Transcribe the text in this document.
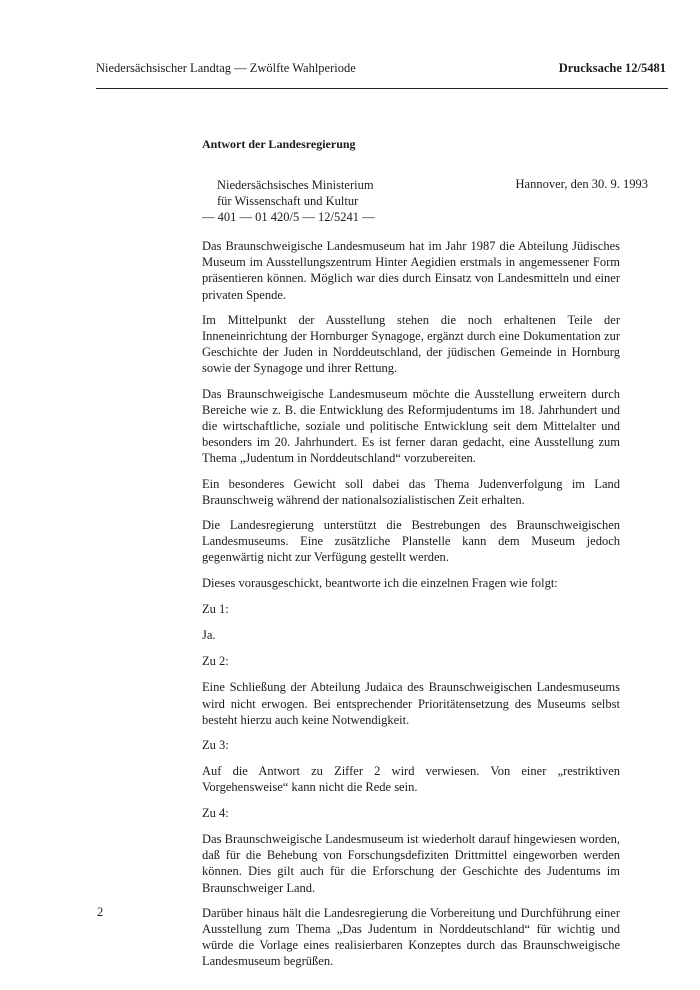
Niedersächsischer Landtag — Zwölfte Wahlperiode	Drucksache 12/5481
Antwort der Landesregierung
Niedersächsisches Ministerium
für Wissenschaft und Kultur
— 401 — 01 420/5 — 12/5241 —
Hannover, den 30. 9. 1993

Das Braunschweigische Landesmuseum hat im Jahr 1987 die Abteilung Jüdisches Museum im Ausstellungszentrum Hinter Aegidien erstmals in angemessener Form präsentieren können. Möglich war dies durch Einsatz von Landesmitteln und einer privaten Spende.

Im Mittelpunkt der Ausstellung stehen die noch erhaltenen Teile der Inneneinrichtung der Hornburger Synagoge, ergänzt durch eine Dokumentation zur Geschichte der Juden in Norddeutschland, der jüdischen Gemeinde in Hornburg sowie der Synagoge und ihrer Rettung.

Das Braunschweigische Landesmuseum möchte die Ausstellung erweitern durch Bereiche wie z. B. die Entwicklung des Reformjudentums im 18. Jahrhundert und die wirtschaftliche, soziale und politische Entwicklung seit dem Mittelalter und besonders im 20. Jahrhundert. Es ist ferner daran gedacht, eine Ausstellung zum Thema „Judentum in Norddeutschland“ vorzubereiten.

Ein besonderes Gewicht soll dabei das Thema Judenverfolgung im Land Braunschweig während der nationalsozialistischen Zeit erhalten.

Die Landesregierung unterstützt die Bestrebungen des Braunschweigischen Landesmuseums. Eine zusätzliche Planstelle kann dem Museum jedoch gegenwärtig nicht zur Verfügung gestellt werden.

Dieses vorausgeschickt, beantworte ich die einzelnen Fragen wie folgt:

Zu 1:

Ja.

Zu 2:

Eine Schließung der Abteilung Judaica des Braunschweigischen Landesmuseums wird nicht erwogen. Bei entsprechender Prioritätensetzung des Museums selbst besteht hierzu auch keine Notwendigkeit.

Zu 3:

Auf die Antwort zu Ziffer 2 wird verwiesen. Von einer „restriktiven Vorgehensweise“ kann nicht die Rede sein.

Zu 4:

Das Braunschweigische Landesmuseum ist wiederholt darauf hingewiesen worden, daß für die Behebung von Forschungsdefiziten Drittmittel eingeworben werden können. Dies gilt auch für die Erforschung der Geschichte des Judentums im Braunschweiger Land.

Darüber hinaus hält die Landesregierung die Vorbereitung und Durchführung einer Ausstellung zum Thema „Das Judentum in Norddeutschland“ für wichtig und würde die Vorlage eines realisierbaren Konzeptes durch das Braunschweigische Landesmuseum begrüßen.

2
